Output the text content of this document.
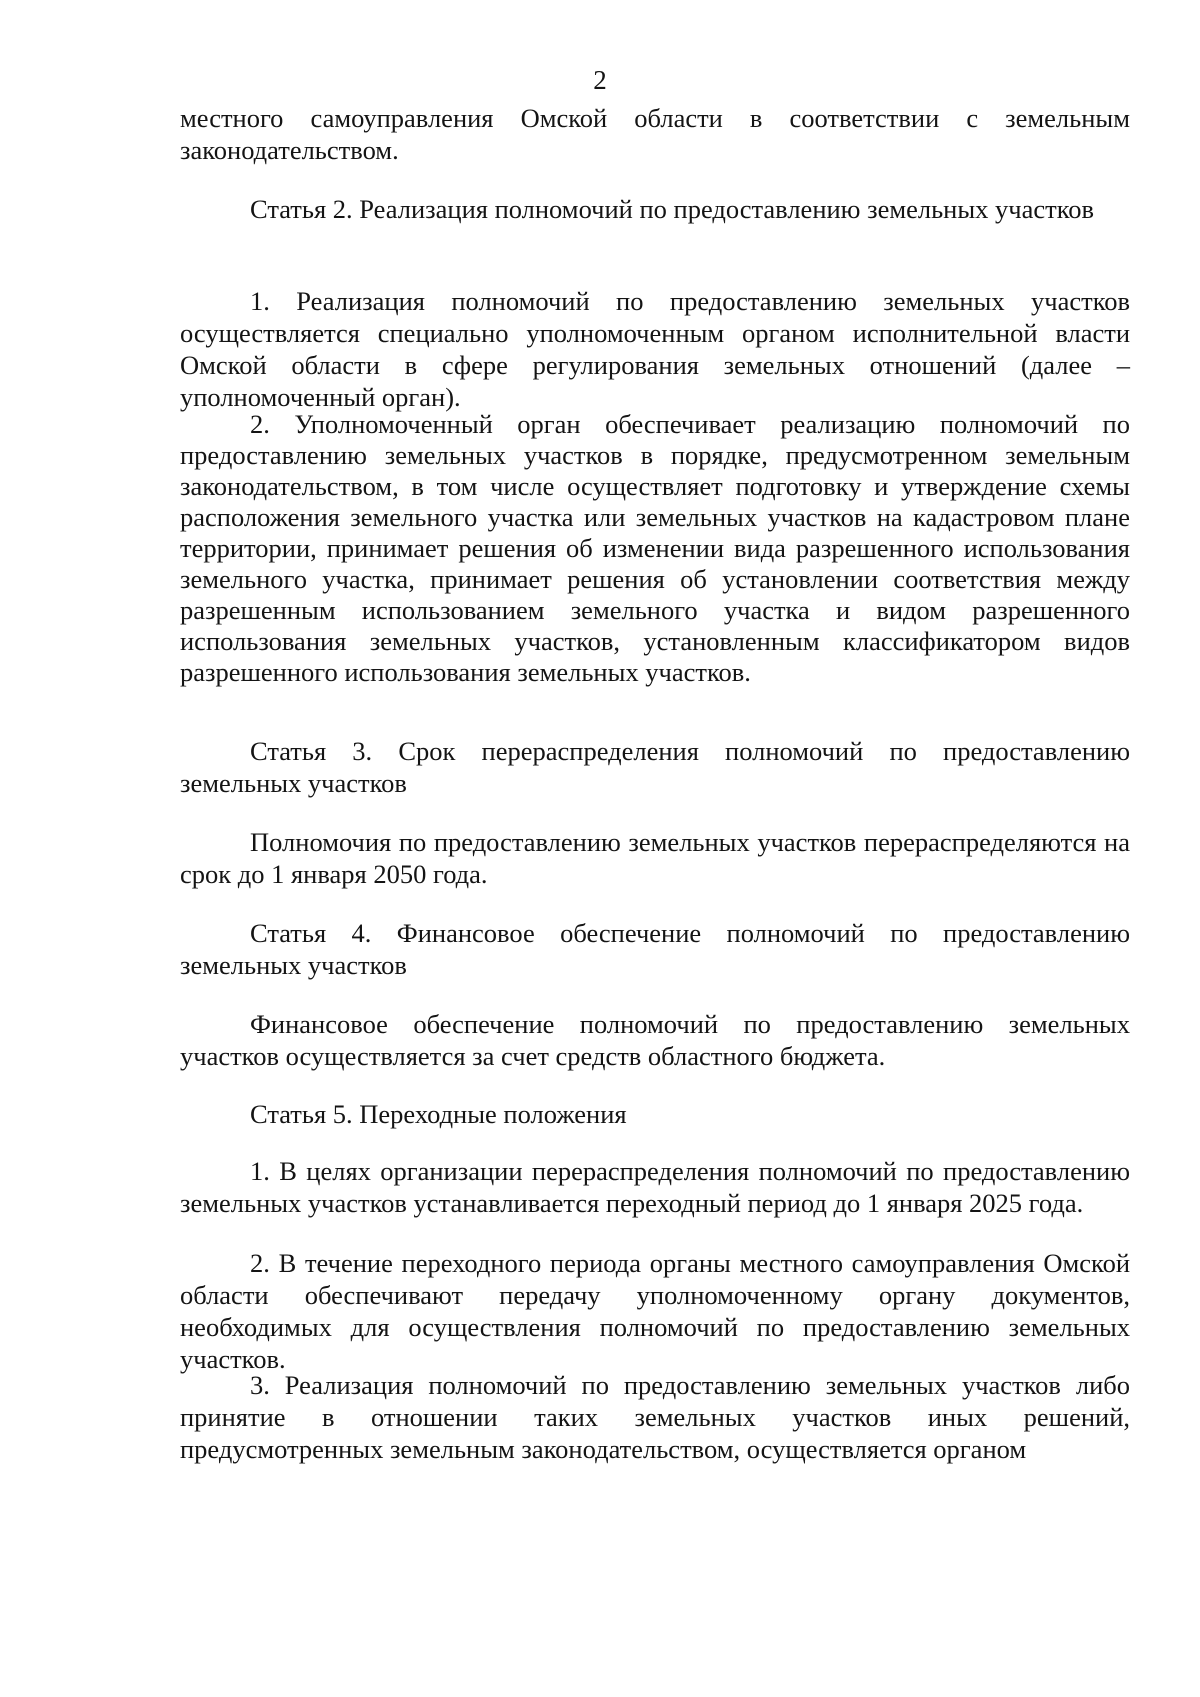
2

местного самоуправления Омской области в соответствии с земельным законодательством.

Статья 2. Реализация полномочий по предоставлению земельных участков

1. Реализация полномочий по предоставлению земельных участков осуществляется специально уполномоченным органом исполнительной власти Омской области в сфере регулирования земельных отношений (далее – уполномоченный орган).

2. Уполномоченный орган обеспечивает реализацию полномочий по предоставлению земельных участков в порядке, предусмотренном земельным законодательством, в том числе осуществляет подготовку и утверждение схемы расположения земельного участка или земельных участков на кадастровом плане территории, принимает решения об изменении вида разрешенного использования земельного участка, принимает решения об установлении соответствия между разрешенным использованием земельного участка и видом разрешенного использования земельных участков, установленным классификатором видов разрешенного использования земельных участков.

Статья 3. Срок перераспределения полномочий по предоставлению земельных участков

Полномочия по предоставлению земельных участков перераспределяются на срок до 1 января 2050 года.

Статья 4. Финансовое обеспечение полномочий по предоставлению земельных участков

Финансовое обеспечение полномочий по предоставлению земельных участков осуществляется за счет средств областного бюджета.

Статья 5. Переходные положения

1. В целях организации перераспределения полномочий по предоставлению земельных участков устанавливается переходный период до 1 января 2025 года.

2. В течение переходного периода органы местного самоуправления Омской области обеспечивают передачу уполномоченному органу документов, необходимых для осуществления полномочий по предоставлению земельных участков.

3. Реализация полномочий по предоставлению земельных участков либо принятие в отношении таких земельных участков иных решений, предусмотренных земельным законодательством, осуществляется органом
